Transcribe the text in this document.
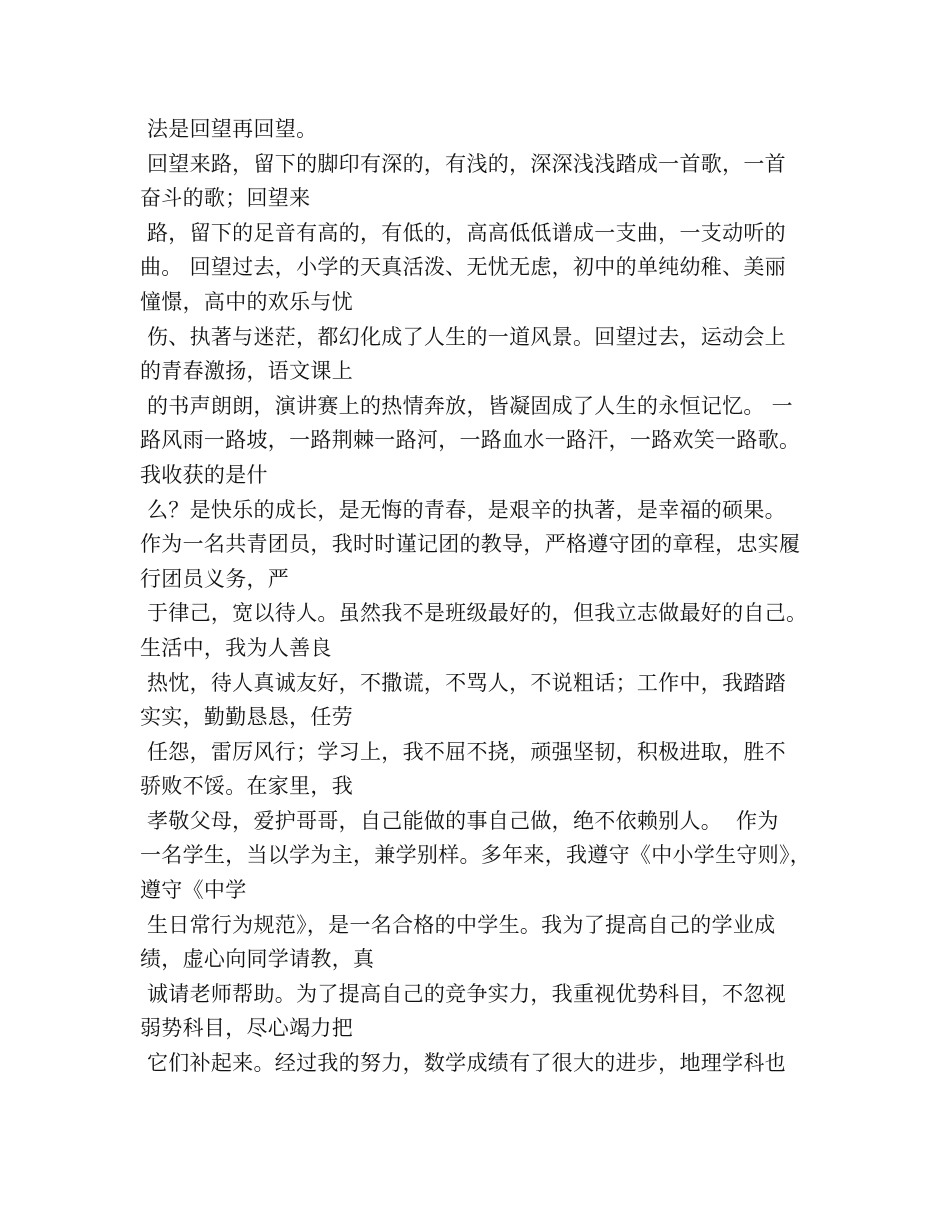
法是回望再回望。
回望来路，留下的脚印有深的，有浅的，深深浅浅踏成一首歌，一首
奋斗的歌；回望来
路，留下的足音有高的，有低的，高高低低谱成一支曲，一支动听的
曲。 回望过去，小学的天真活泼、无忧无虑，初中的单纯幼稚、美丽
憧憬，高中的欢乐与忧
伤、执著与迷茫，都幻化成了人生的一道风景。回望过去，运动会上
的青春激扬，语文课上
的书声朗朗，演讲赛上的热情奔放，皆凝固成了人生的永恒记忆。 一
路风雨一路坡，一路荆棘一路河，一路血水一路汗，一路欢笑一路歌。
我收获的是什
么？是快乐的成长，是无悔的青春，是艰辛的执著，是幸福的硕果。
作为一名共青团员，我时时谨记团的教导，严格遵守团的章程，忠实履
行团员义务，严
于律己，宽以待人。虽然我不是班级最好的，但我立志做最好的自己。
生活中，我为人善良
热忱，待人真诚友好，不撒谎，不骂人，不说粗话；工作中，我踏踏
实实，勤勤恳恳，任劳
任怨，雷厉风行；学习上，我不屈不挠，顽强坚韧，积极进取，胜不
骄败不馁。在家里，我
孝敬父母，爱护哥哥，自己能做的事自己做，绝不依赖别人。  作为
一名学生，当以学为主，兼学别样。多年来，我遵守《中小学生守则》，
遵守《中学
生日常行为规范》，是一名合格的中学生。我为了提高自己的学业成
绩，虚心向同学请教，真
诚请老师帮助。为了提高自己的竞争实力，我重视优势科目，不忽视
弱势科目，尽心竭力把
它们补起来。经过我的努力，数学成绩有了很大的进步，地理学科也
